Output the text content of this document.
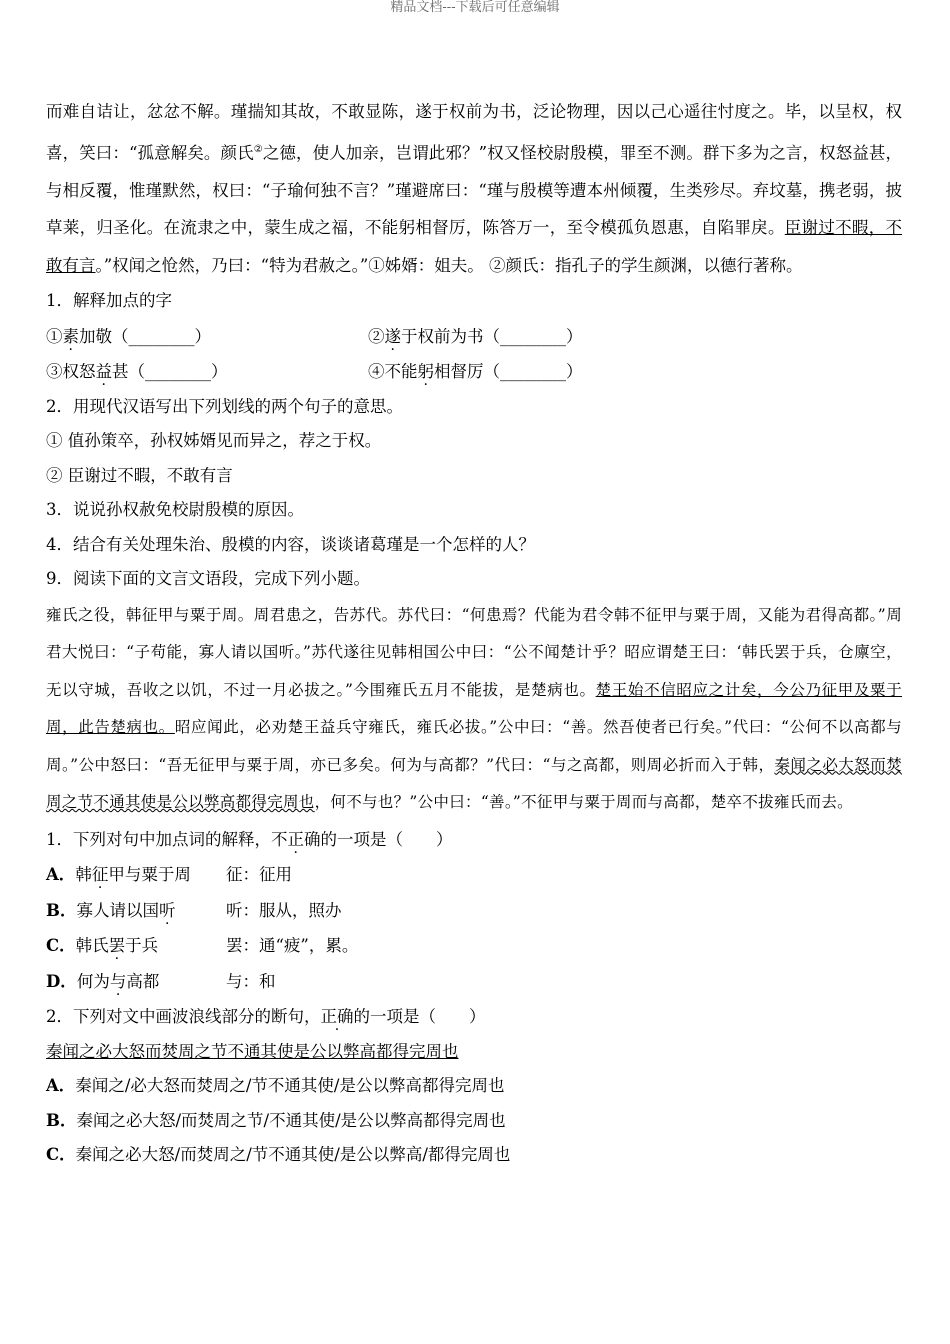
精品文档---下载后可任意编辑

而难自诘让，忿忿不解。瑾揣知其故，不敢显陈，遂于权前为书，泛论物理，因以己心遥往忖度之。毕，以呈权，权喜，笑曰：“孤意解矣。颜氏②之德，使人加亲，岂谓此邪？”权又怪校尉殷模，罪至不测。群下多为之言，权怒益甚，与相反覆，惟瑾默然，权曰：“子瑜何独不言？”瑾避席曰：“瑾与殷模等遭本州倾覆，生类殄尽。弃坟墓，携老弱，披草莱，归圣化。在流隶之中，蒙生成之福，不能躬相督厉，陈答万一，至令模孤负恩惠，自陷罪戾。臣谢过不暇，不敢有言。”权闻之怆然，乃曰：“特为君赦之。”①姊婿：姐夫。 ②颜氏：指孔子的学生颜渊，以德行著称。

1．解释加点的字

①素加敬（________）	②遂于权前为书（________）
③权怒益甚（________）	④不能躬相督厉（________）

2．用现代汉语写出下列划线的两个句子的意思。

① 值孙策卒，孙权姊婿见而异之，荐之于权。

② 臣谢过不暇，不敢有言

3．说说孙权赦免校尉殷模的原因。

4．结合有关处理朱治、殷模的内容，谈谈诸葛瑾是一个怎样的人？

9．阅读下面的文言文语段，完成下列小题。

雍氏之役，韩征甲与粟于周。周君患之，告苏代。苏代曰：“何患焉？代能为君令韩不征甲与粟于周，又能为君得高都。”周君大悦曰：“子苟能，寡人请以国听。”苏代遂往见韩相国公中曰：“公不闻楚计乎？昭应谓楚王曰：‘韩氏罢于兵，仓廪空，无以守城，吾收之以饥，不过一月必拔之。”今围雍氏五月不能拔，是楚病也。楚王始不信昭应之计矣，今公乃征甲及粟于周，此告楚病也。昭应闻此，必劝楚王益兵守雍氏，雍氏必拔。”公中曰：“善。然吾使者已行矣。”代曰：“公何不以高都与周。”公中怒曰：“吾无征甲与粟于周，亦已多矣。何为与高都？”代曰：“与之高都，则周必折而入于韩，秦闻之必大怒而焚周之节不通其使是公以弊高都得完周也，何不与也？”公中曰：“善。”不征甲与粟于周而与高都，楚卒不拔雍氏而去。

1．下列对句中加点词的解释，不正确的一项是（　　）

A．韩征甲与粟于周 征：征用
B．寡人请以国听	听：服从，照办
C．韩氏罢于兵	罢：通“疲”，累。
D．何为与高都	与：和

2．下列对文中画波浪线部分的断句，正确的一项是（　　）

秦闻之必大怒而焚周之节不通其使是公以弊高都得完周也

A．秦闻之/必大怒而焚周之/节不通其使/是公以弊高都得完周也
B．秦闻之必大怒/而焚周之节/不通其使/是公以弊高都得完周也
C．秦闻之必大怒/而焚周之/节不通其使/是公以弊高/都得完周也
